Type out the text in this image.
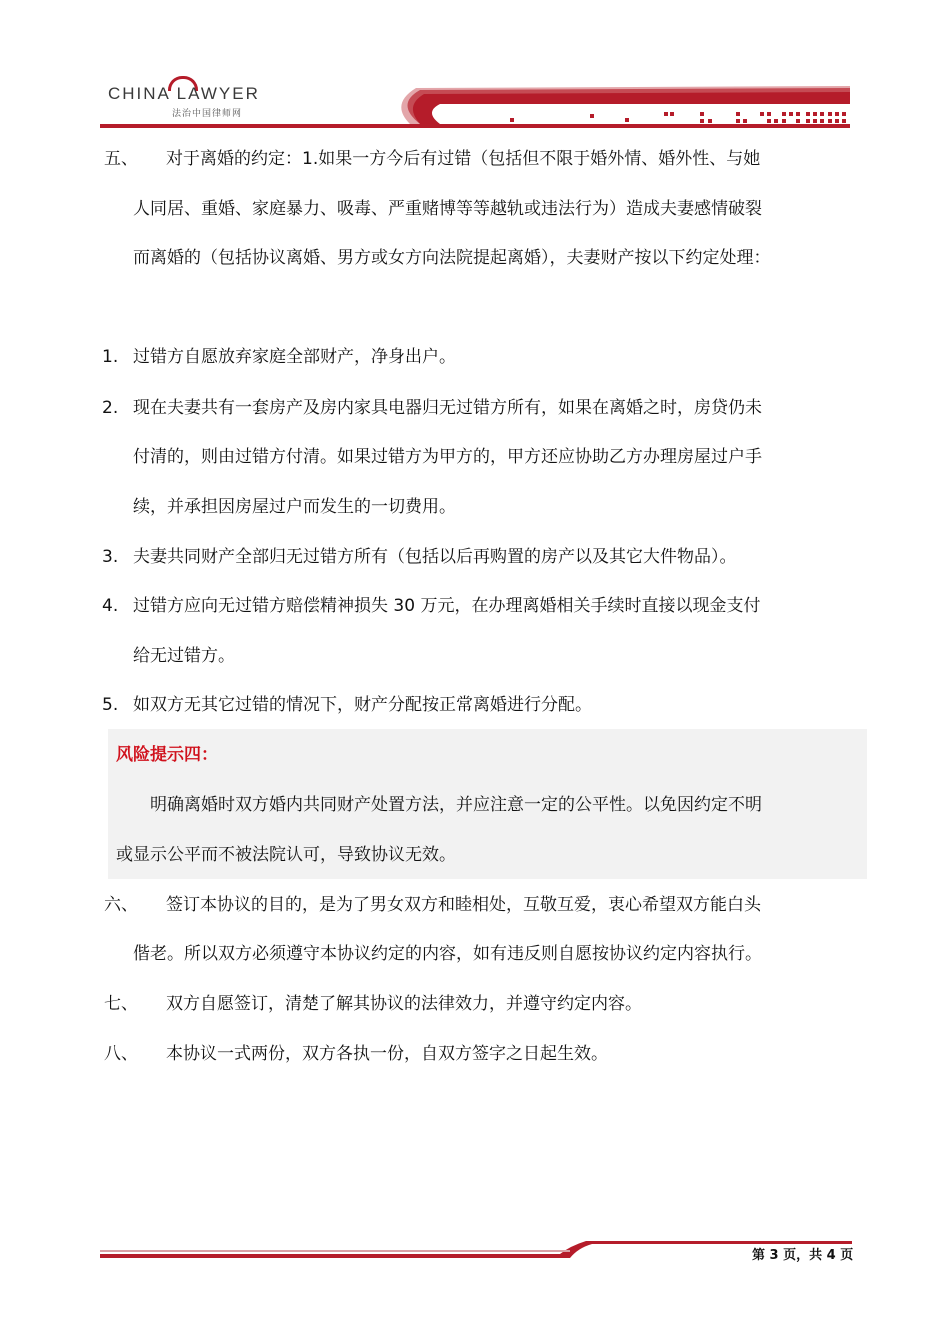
CHINA LAWYER
法治中国律师网
五、 对于离婚的约定：1.如果一方今后有过错（包括但不限于婚外情、婚外性、与她
人同居、重婚、家庭暴力、吸毒、严重赌博等等越轨或违法行为）造成夫妻感情破裂
而离婚的（包括协议离婚、男方或女方向法院提起离婚），夫妻财产按以下约定处理：
1. 过错方自愿放弃家庭全部财产，净身出户。
2. 现在夫妻共有一套房产及房内家具电器归无过错方所有，如果在离婚之时，房贷仍未
付清的，则由过错方付清。如果过错方为甲方的，甲方还应协助乙方办理房屋过户手
续，并承担因房屋过户而发生的一切费用。
3. 夫妻共同财产全部归无过错方所有（包括以后再购置的房产以及其它大件物品）。
4. 过错方应向无过错方赔偿精神损失 30 万元，在办理离婚相关手续时直接以现金支付
给无过错方。
5. 如双方无其它过错的情况下，财产分配按正常离婚进行分配。
风险提示四：
明确离婚时双方婚内共同财产处置方法，并应注意一定的公平性。以免因约定不明
或显示公平而不被法院认可，导致协议无效。
六、 签订本协议的目的，是为了男女双方和睦相处，互敬互爱，衷心希望双方能白头
偕老。所以双方必须遵守本协议约定的内容，如有违反则自愿按协议约定内容执行。
七、 双方自愿签订，清楚了解其协议的法律效力，并遵守约定内容。
八、 本协议一式两份，双方各执一份，自双方签字之日起生效。
第 3 页，共 4 页
